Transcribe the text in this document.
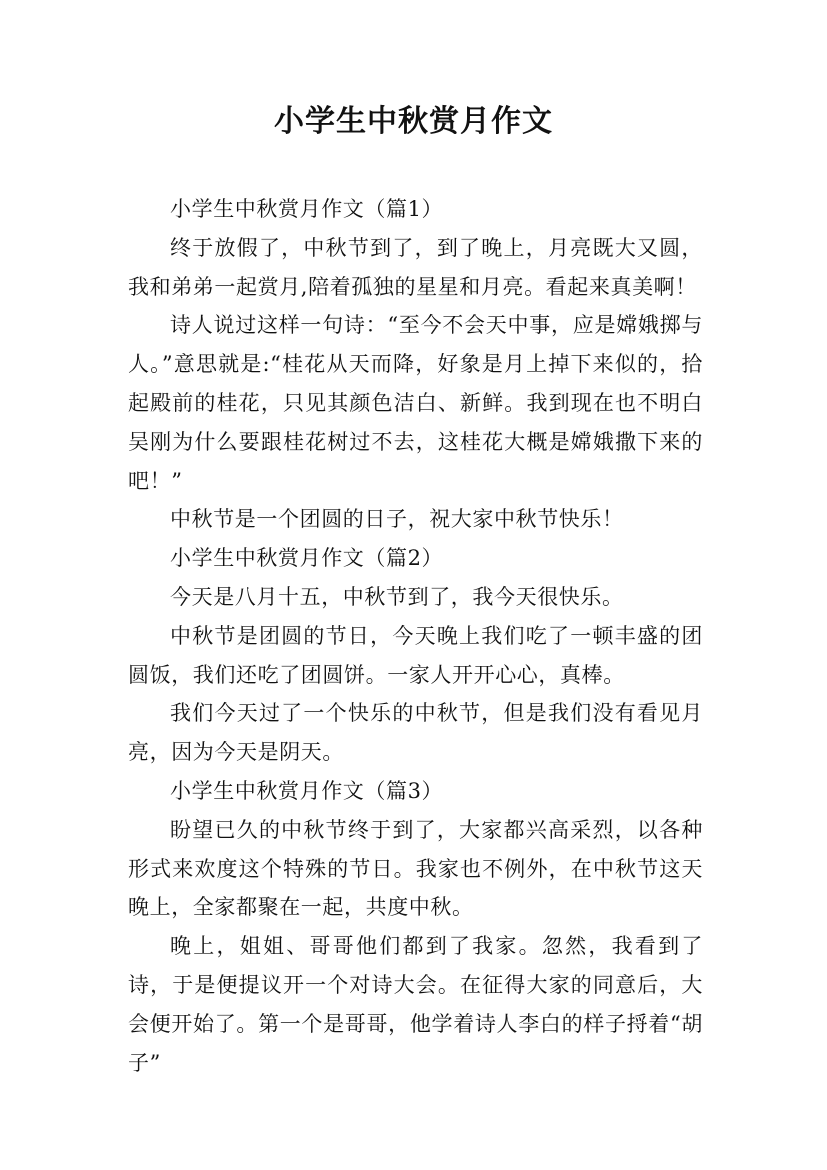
小学生中秋赏月作文

小学生中秋赏月作文（篇1）

终于放假了，中秋节到了，到了晚上，月亮既大又圆，我和弟弟一起赏月,陪着孤独的星星和月亮。看起来真美啊！

诗人说过这样一句诗：“至今不会天中事，应是嫦娥掷与人。”意思就是:“桂花从天而降，好象是月上掉下来似的，拾起殿前的桂花，只见其颜色洁白、新鲜。我到现在也不明白吴刚为什么要跟桂花树过不去，这桂花大概是嫦娥撒下来的吧！”

中秋节是一个团圆的日子，祝大家中秋节快乐！

小学生中秋赏月作文（篇2）

今天是八月十五，中秋节到了，我今天很快乐。

中秋节是团圆的节日，今天晚上我们吃了一顿丰盛的团圆饭，我们还吃了团圆饼。一家人开开心心，真棒。

我们今天过了一个快乐的中秋节，但是我们没有看见月亮，因为今天是阴天。

小学生中秋赏月作文（篇3）

盼望已久的中秋节终于到了，大家都兴高采烈，以各种形式来欢度这个特殊的节日。我家也不例外，在中秋节这天晚上，全家都聚在一起，共度中秋。

晚上，姐姐、哥哥他们都到了我家。忽然，我看到了诗，于是便提议开一个对诗大会。在征得大家的同意后，大会便开始了。第一个是哥哥，他学着诗人李白的样子捋着“胡子”
